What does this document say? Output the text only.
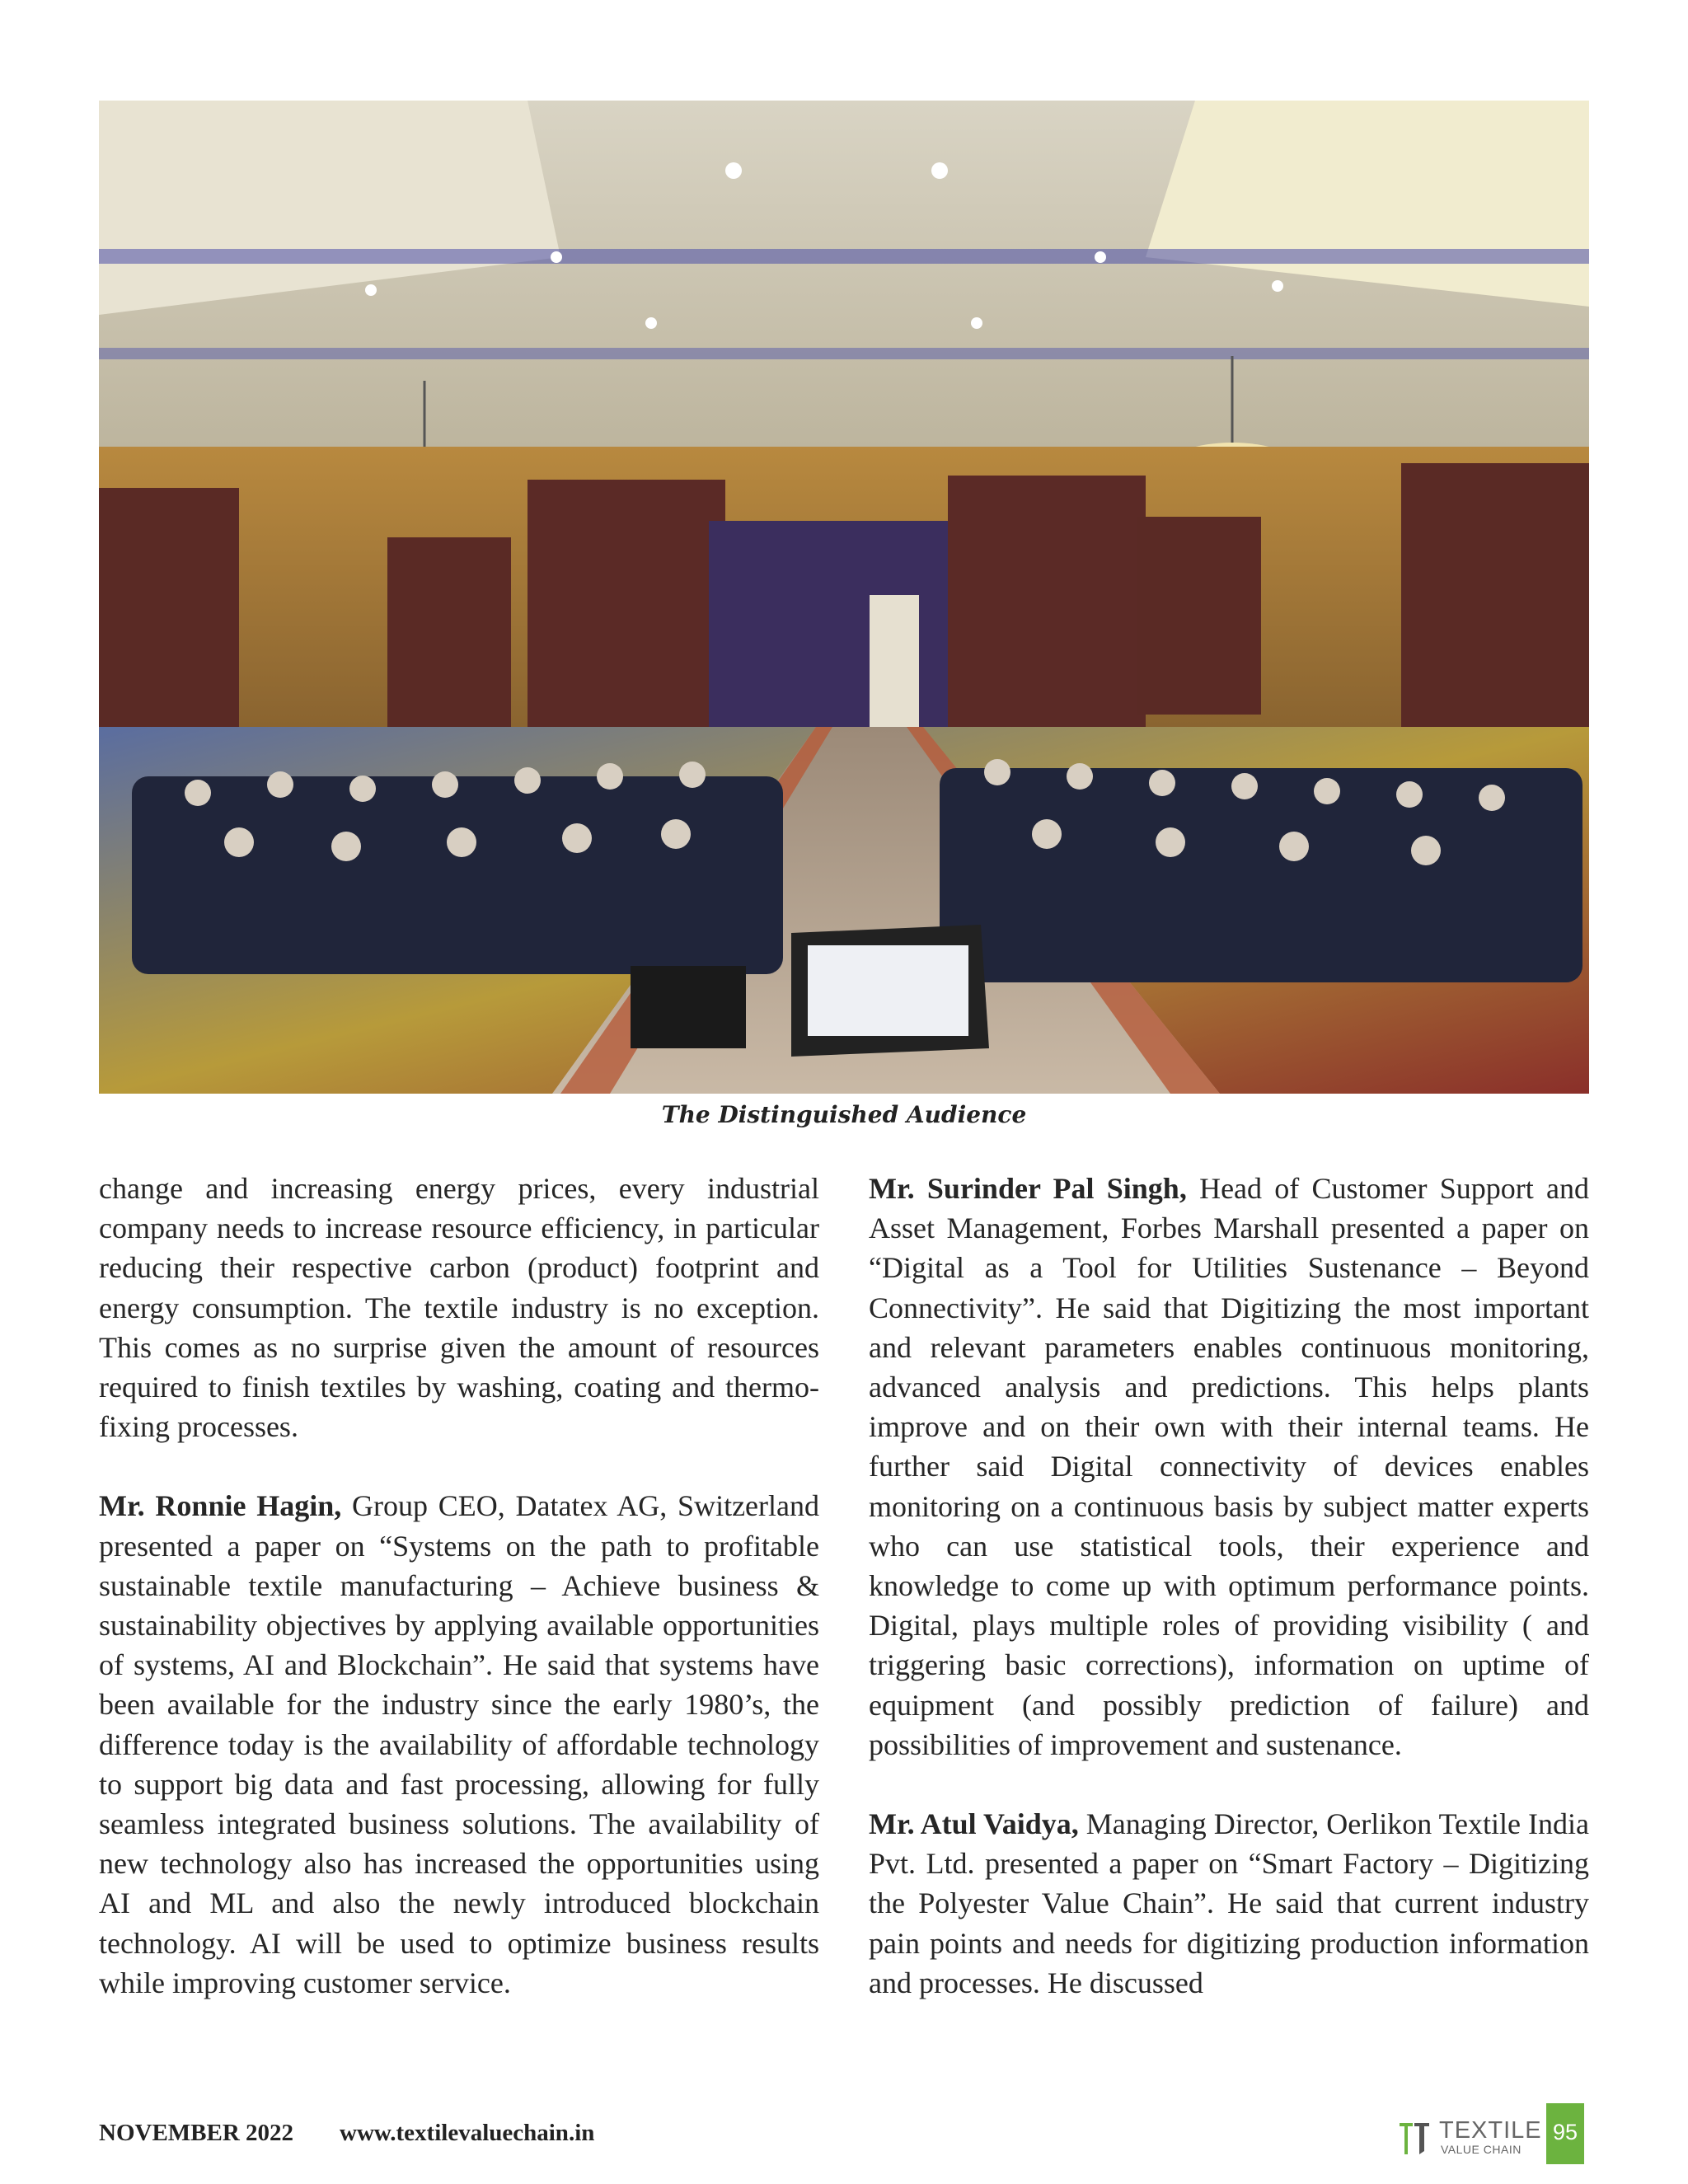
The Distinguished Audience

change and increasing energy prices, every industrial company needs to increase resource efficiency, in particular reducing their respective carbon (product) footprint and energy consumption. The textile industry is no exception. This comes as no surprise given the amount of resources required to finish textiles by washing, coating and thermo-fixing processes.

Mr. Ronnie Hagin, Group CEO, Datatex AG, Switzerland presented a paper on “Systems on the path to profitable sustainable textile manufacturing – Achieve business & sustainability objectives by applying available opportunities of systems, AI and Blockchain”. He said that systems have been available for the industry since the early 1980’s, the difference today is the availability of affordable technology to support big data and fast processing, allowing for fully seamless integrated business solutions. The availability of new technology also has increased the opportunities using AI and ML and also the newly introduced blockchain technology. AI will be used to optimize business results while improving customer service.

Mr. Surinder Pal Singh, Head of Customer Support and Asset Management, Forbes Marshall presented a paper on “Digital as a Tool for Utilities Sustenance – Beyond Connectivity”. He said that Digitizing the most important and relevant parameters enables continuous monitoring, advanced analysis and predictions. This helps plants improve and on their own with their internal teams. He further said Digital connectivity of devices enables monitoring on a continuous basis by subject matter experts who can use statistical tools, their experience and knowledge to come up with optimum performance points. Digital, plays multiple roles of providing visibility ( and triggering basic corrections), information on uptime of equipment (and possibly prediction of failure) and possibilities of improvement and sustenance.

Mr. Atul Vaidya, Managing Director, Oerlikon Textile India Pvt. Ltd. presented a paper on “Smart Factory – Digitizing the Polyester Value Chain”. He said that current industry pain points and needs for digitizing production information and processes. He discussed

NOVEMBER 2022 www.textilevaluechain.in	TEXTILE
VALUE CHAIN
95
